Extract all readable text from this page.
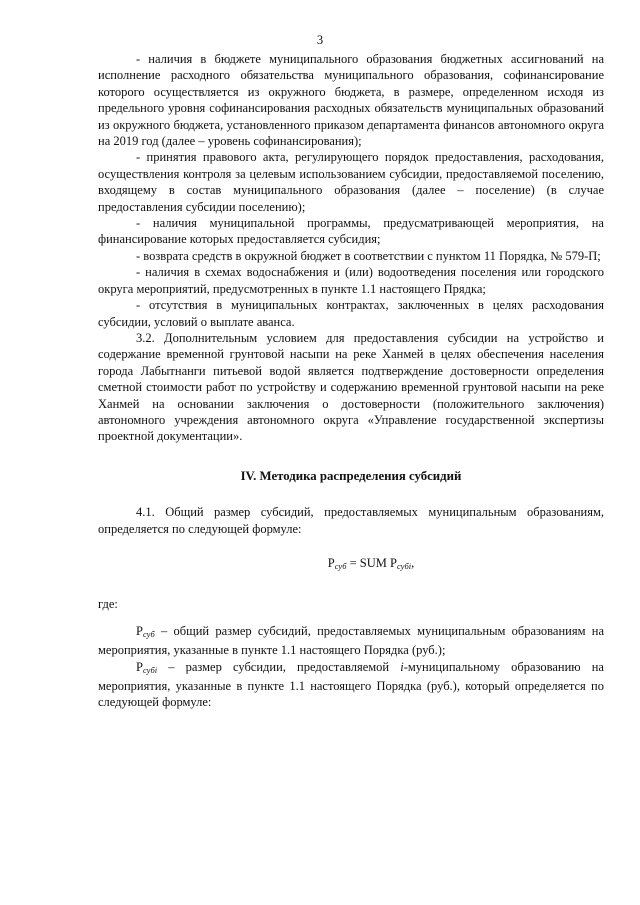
3

- наличия в бюджете муниципального образования бюджетных ассигнований на исполнение расходного обязательства муниципального образования, софинансирование которого осуществляется из окружного бюджета, в размере, определенном исходя из предельного уровня софинансирования расходных обязательств муниципальных образований из окружного бюджета, установленного приказом департамента финансов автономного округа на 2019 год (далее – уровень софинансирования);

- принятия правового акта, регулирующего порядок предоставления, расходования, осуществления контроля за целевым использованием субсидии, предоставляемой поселению, входящему в состав муниципального образования (далее – поселение) (в случае предоставления субсидии поселению);

- наличия муниципальной программы, предусматривающей мероприятия, на финансирование которых предоставляется субсидия;

- возврата средств в окружной бюджет в соответствии с пунктом 11 Порядка, № 579-П;

- наличия в схемах водоснабжения и (или) водоотведения поселения или городского округа мероприятий, предусмотренных в пункте 1.1 настоящего Прядка;

- отсутствия в муниципальных контрактах, заключенных в целях расходования субсидии, условий о выплате аванса.

3.2. Дополнительным условием для предоставления субсидии на устройство и содержание временной грунтовой насыпи на реке Ханмей в целях обеспечения населения города Лабытнанги питьевой водой является подтверждение достоверности определения сметной стоимости работ по устройству и содержанию временной грунтовой насыпи на реке Ханмей на основании заключения о достоверности (положительного заключения) автономного учреждения автономного округа «Управление государственной экспертизы проектной документации».

IV. Методика распределения субсидий

4.1. Общий размер субсидий, предоставляемых муниципальным образованиям, определяется по следующей формуле:

$P_{суб}$ = SUM $P_{субi}$,

где:

$P_{суб}$ – общий размер субсидий, предоставляемых муниципальным образованиям на мероприятия, указанные в пункте 1.1 настоящего Порядка (руб.);

$P_{субi}$ – размер субсидии, предоставляемой i-муниципальному образованию на мероприятия, указанные в пункте 1.1 настоящего Порядка (руб.), который определяется по следующей формуле:
